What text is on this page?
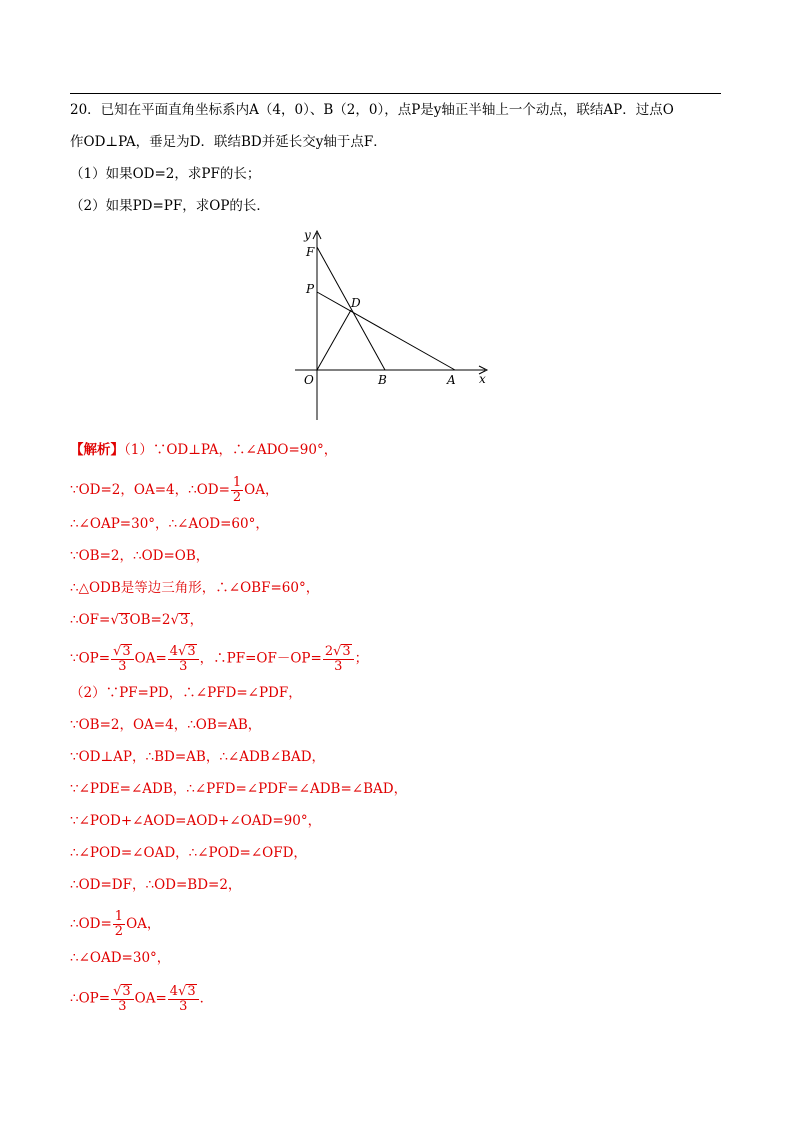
20．已知在平面直角坐标系内A（4，0）、B（2，0），点P是y轴正半轴上一个动点，联结AP．过点O
作OD⊥PA，垂足为D．联结BD并延长交y轴于点F．
（1）如果OD=2，求PF的长；
（2）如果PD=PF，求OP的长．
y
F
P
D
O	B	A x
【解析】（1）∵OD⊥PA，∴∠ADO=90°，
∵OD=2，OA=4，∴OD= $\frac{1}{2}$ OA，
∴∠OAP=30°，∴∠AOD=60°，
∵OB=2，∴OD=OB，
∴△ODB是等边三角形，∴∠OBF=60°，
∴OF=√3OB=2√3，
∵OP= $\frac{√3}{3} OA= \frac{4√3}{3}$ ，∴PF=OF－OP= $\frac{2√3}{3}$ ；
（2）∵PF=PD，∴∠PFD=∠PDF，
∵OB=2，OA=4，∴OB=AB，
∵OD⊥AP，∴BD=AB，∴∠ADB∠BAD，
∵∠PDE=∠ADB，∴∠PFD=∠PDF=∠ADB=∠BAD，
∵∠POD+∠AOD=AOD+∠OAD=90°，
∴∠POD=∠OAD，∴∠POD=∠OFD，
∴OD=DF，∴OD=BD=2，
∴OD= $\frac{1}{2}$ OA，
∴∠OAD=30°，
∴OP= $\frac{√3}{3} OA= \frac{4√3}{3}$ ．
